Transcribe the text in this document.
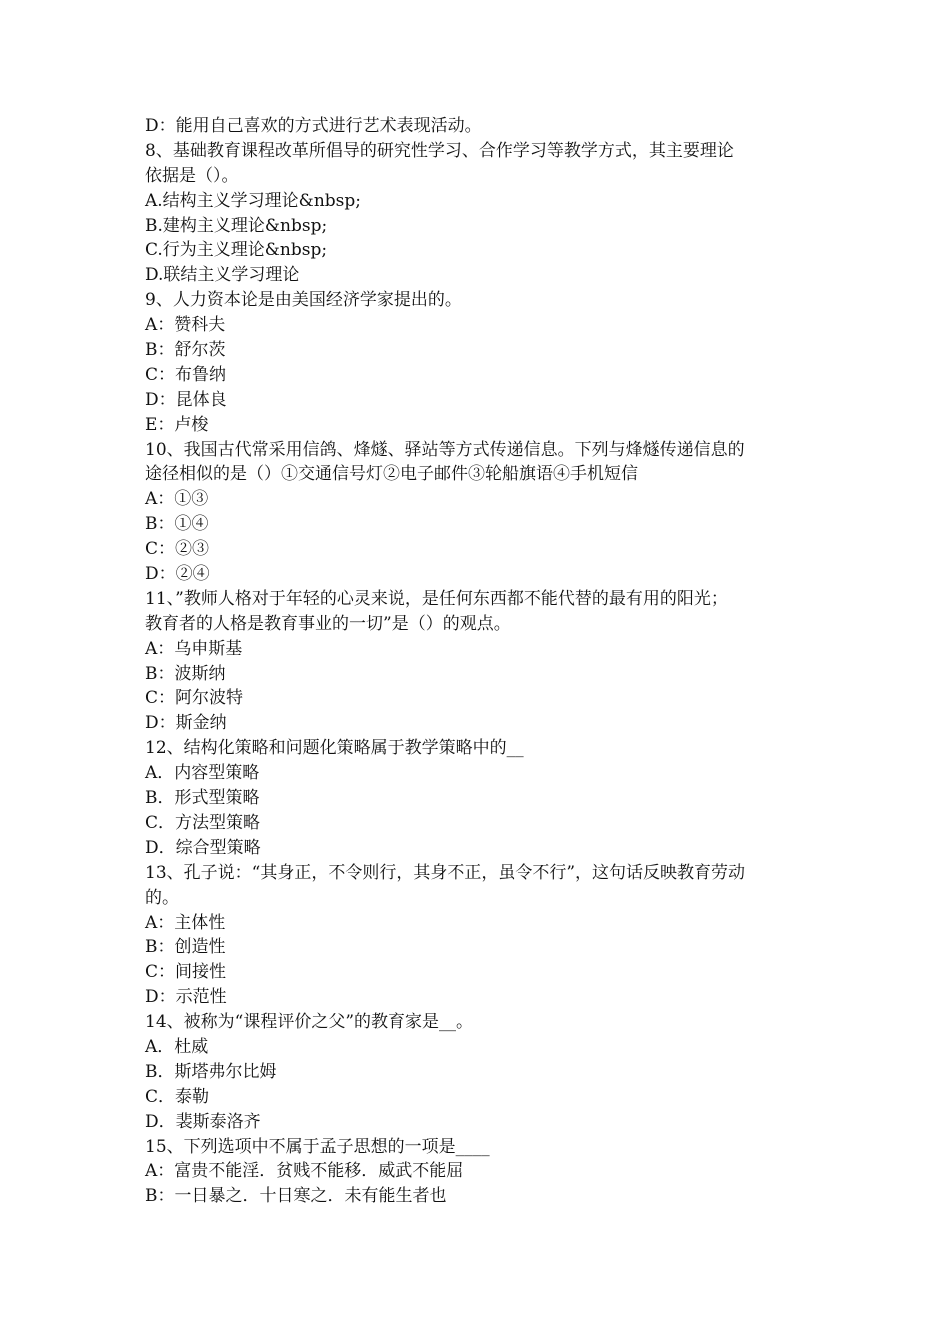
D：能用自己喜欢的方式进行艺术表现活动。
8、基础教育课程改革所倡导的研究性学习、合作学习等教学方式，其主要理论
依据是（）。
A.结构主义学习理论&nbsp;
B.建构主义理论&nbsp;
C.行为主义理论&nbsp;
D.联结主义学习理论
9、人力资本论是由美国经济学家提出的。
A：赞科夫
B：舒尔茨
C：布鲁纳
D：昆体良
E：卢梭
10、我国古代常采用信鸽、烽燧、驿站等方式传递信息。下列与烽燧传递信息的
途径相似的是（）①交通信号灯②电子邮件③轮船旗语④手机短信
A：①③
B：①④
C：②③
D：②④
11、”教师人格对于年轻的心灵来说，是任何东西都不能代替的最有用的阳光；
教育者的人格是教育事业的一切”是（）的观点。
A：乌申斯基
B：波斯纳
C：阿尔波特
D：斯金纳
12、结构化策略和问题化策略属于教学策略中的__
A．内容型策略
B．形式型策略
C．方法型策略
D．综合型策略
13、孔子说：“其身正，不令则行，其身不正，虽令不行”，这句话反映教育劳动
的。
A：主体性
B：创造性
C：间接性
D：示范性
14、被称为“课程评价之父”的教育家是__。
A．杜威
B．斯塔弗尔比姆
C．泰勒
D．裴斯泰洛齐
15、下列选项中不属于孟子思想的一项是____
A：富贵不能淫．贫贱不能移．威武不能屈
B：一日暴之．十日寒之．未有能生者也
